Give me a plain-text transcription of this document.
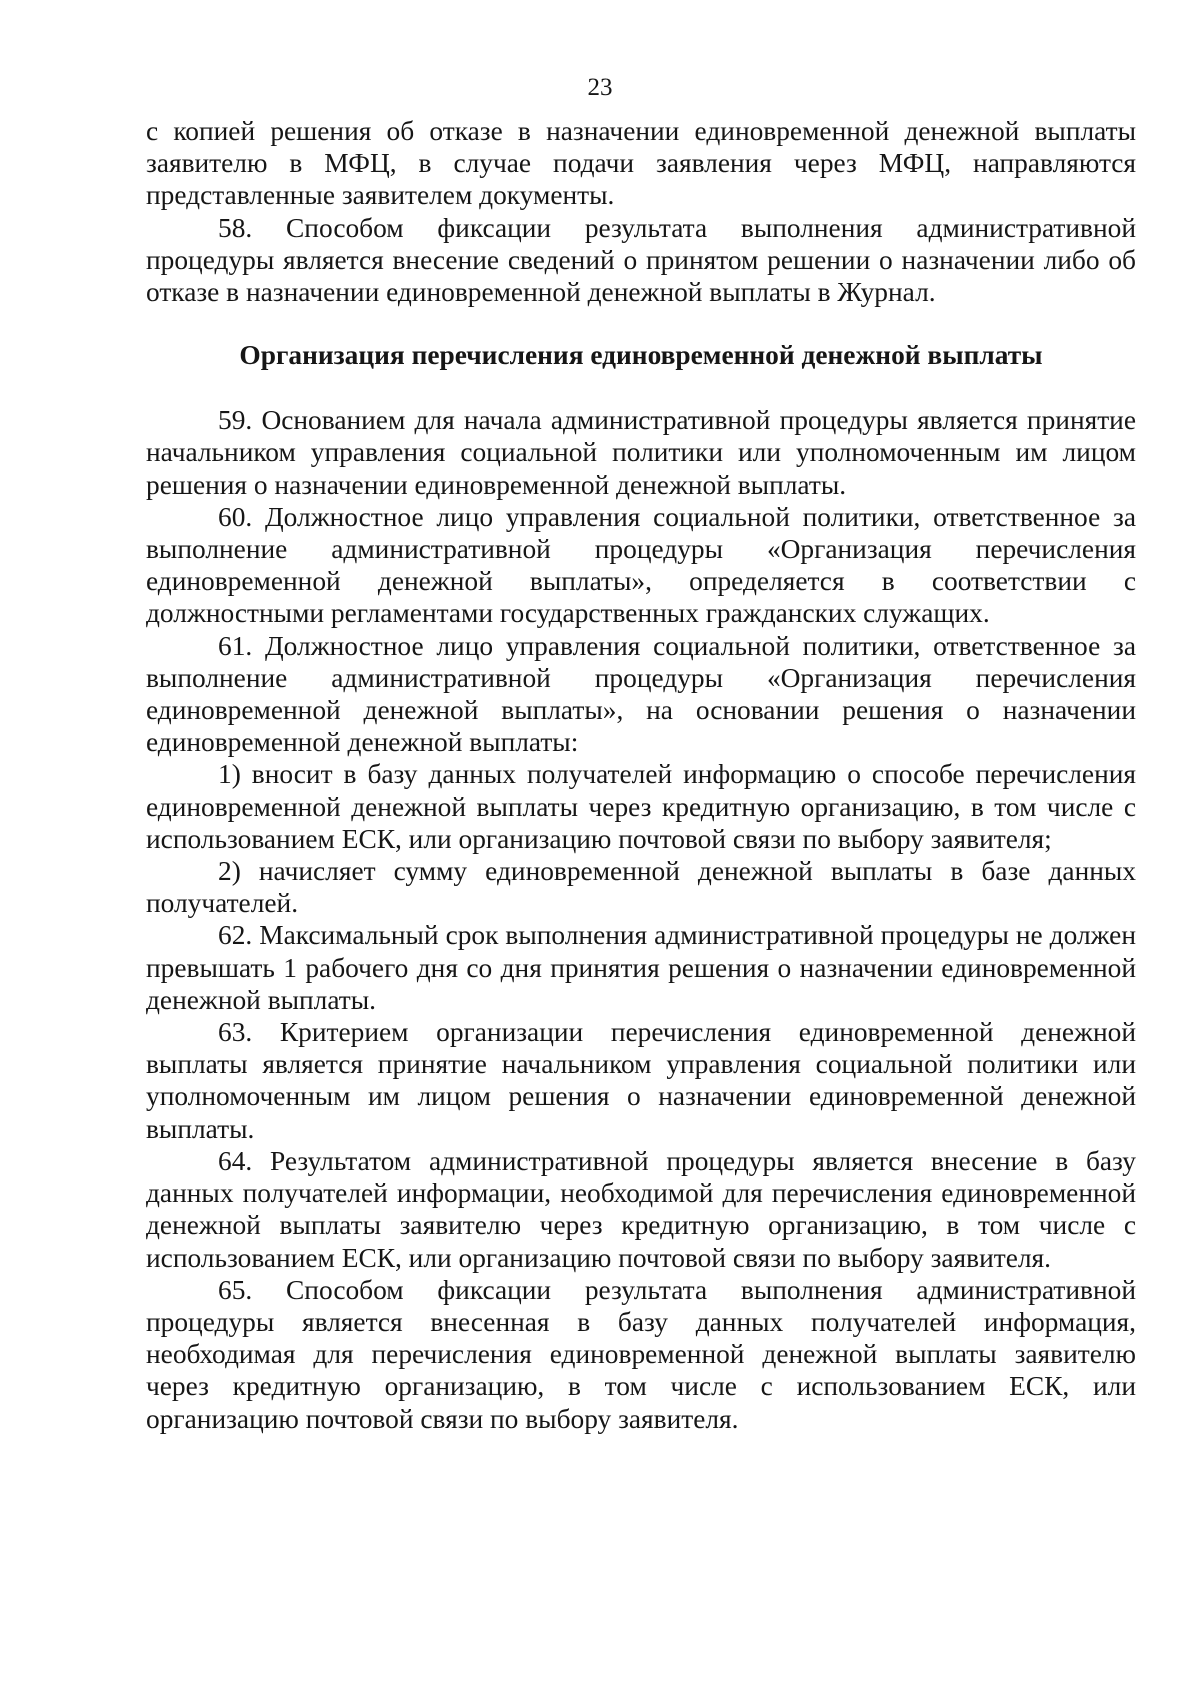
23

с копией решения об отказе в назначении единовременной денежной выплаты заявителю в МФЦ, в случае подачи заявления через МФЦ, направляются представленные заявителем документы.

58. Способом фиксации результата выполнения административной процедуры является внесение сведений о принятом решении о назначении либо об отказе в назначении единовременной денежной выплаты в Журнал.

Организация перечисления единовременной денежной выплаты

59. Основанием для начала административной процедуры является принятие начальником управления социальной политики или уполномоченным им лицом решения о назначении единовременной денежной выплаты.

60. Должностное лицо управления социальной политики, ответственное за выполнение административной процедуры «Организация перечисления единовременной денежной выплаты», определяется в соответствии с должностными регламентами государственных гражданских служащих.

61. Должностное лицо управления социальной политики, ответственное за выполнение административной процедуры «Организация перечисления единовременной денежной выплаты», на основании решения о назначении единовременной денежной выплаты:

1) вносит в базу данных получателей информацию о способе перечисления единовременной денежной выплаты через кредитную организацию, в том числе с использованием ЕСК, или организацию почтовой связи по выбору заявителя;

2) начисляет сумму единовременной денежной выплаты в базе данных получателей.

62. Максимальный срок выполнения административной процедуры не должен превышать 1 рабочего дня со дня принятия решения о назначении единовременной денежной выплаты.

63. Критерием организации перечисления единовременной денежной выплаты является принятие начальником управления социальной политики или уполномоченным им лицом решения о назначении единовременной денежной выплаты.

64. Результатом административной процедуры является внесение в базу данных получателей информации, необходимой для перечисления единовременной денежной выплаты заявителю через кредитную организацию, в том числе с использованием ЕСК, или организацию почтовой связи по выбору заявителя.

65. Способом фиксации результата выполнения административной процедуры является внесенная в базу данных получателей информация, необходимая для перечисления единовременной денежной выплаты заявителю через кредитную организацию, в том числе с использованием ЕСК, или организацию почтовой связи по выбору заявителя.
